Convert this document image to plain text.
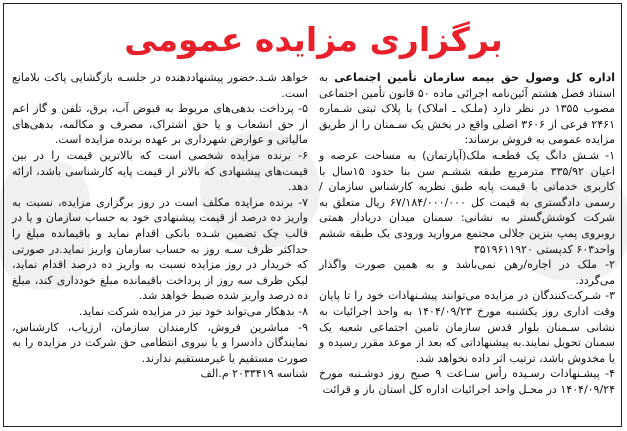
برگزاری مزایده عمومی

اداره کل وصول حق بیمه سازمان تأمین اجتماعی به استناد فصل هشتم آئین‌نامه اجرائی ماده ۵۰ قانون تأمین اجتماعی مصوب ۱۳۵۵ در نظر دارد (ملـک ـ املاک) با پلاک ثبتی شـماره ۲۴۶۱ فرعی از ۳۶۰۶ اصلی واقع در بخش یک سـمنان را از طریق مزایده عمومی به فروش برساند:

۱- شـش دانگ یک قطعـه ملک(آپارتمان) به مساحت عرصه و اعیان ۳۳۵/۹۲ مترمربع طبقه ششـم سن بنا حدود ۱۵سال با کاربری خدماتی با قیمت پایه طبق نظریه کارشناس سازمان /رسمی دادگستری به قیمت کل ۶۷/۱۸۴/۰۰۰/۰۰۰ ریال متعلق به شرکت کوشش‌گستر به نشانی: سمنان میدان دریادار همتی روبروی پمپ بنزین جلالی مجتمع مروارید ورودی یک طبقه ششم واحد۶۰۳ کدپستی ۳۵۱۹۶۱۱۹۲۰

۲- ملک در اجاره/رهن نمی‌باشد و به همین صورت واگذار می‌گردد.

۳- شـرکت‌کنندگان در مزایده می‌توانند پیشـنهادات خود را تا پایان وقت اداری روز یکشنبه مورخ ۱۴۰۴/۰۹/۲۳ به واحد اجرائیات به نشانی سـمنان بلوار قدس سازمان تامین اجتماعی شعبه یک سمنان تحویل نمایند.به پیشنهاداتی که بعد از موعد مقرر رسیده و یا مخدوش باشد، ترتیب اثر داده نخواهد شد.

۴- پیشـنهادات رسـیده رأس سـاعت ۹ صبح روز دوشـنبه مورخ ۱۴۰۴/۰۹/۲۴ در محـل واحد اجرائیات اداره کل استان باز و قرائت

خواهد شـد.حضور پیشنهاددهنده در جلسـه بازگشایی پاکت بلامانع است.

۵- پرداخت بدهی‌های مربوط به قبوض آب، برق، تلفن و گاز اعم از حق انشعاب و یا حق اشتراک، مصرف و مکالمه، بدهی‌های مالیاتی و عوارض شهرداری بر عهده برنده مزایده است.

۶- برنده مزایده شخصی است که بالاترین قیمت را در بین قیمت‌های پیشنهادی که بالاتر از قیمت پایه کارشناسی باشد، ارائه دهد.

۷- برنده مزایده مکلف است در روز برگزاری مزایده، نسبت به واریز ده درصد از قیمت پیشنهادی خود به حساب سازمان و یا در قالب چک تضمین شـده بانکی اقدام نماید و باقیمانده مبلغ را حداکثر ظرف سـه روز به حساب سازمان واریز نماید.در صورتی که خریدار در روز مزایده نسبت به واریز ده درصد اقدام نماید، لیکن ظرف سه روز از پرداخت باقیمانده مبلغ خودداری کند، مبلغ ده درصد واریز شده ضبط خواهد شد.

۸- بدهکار می‌تواند خود نیز در مزایده شرکت نماید.

۹- مباشرین فروش، کارمندان سازمان، ارزیاب، کارشناس، نمایندگان دادسرا و یا نیروی انتظامی حق شرکت در مزایده را به صورت مستقیم یا غیرمستقیم ندارند.

شناسه ۲۰۳۳۴۱۹ م.الف
